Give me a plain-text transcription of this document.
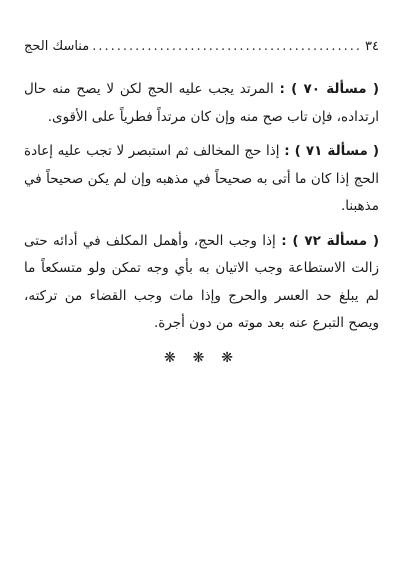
٣٤
.....
مناسك الحج

( مسألة ٧٠ ) : المرتد يجب عليه الحج لكن لا يصح منه حال ارتداده، فإن تاب صح منه وإن كان مرتداً فطرياً على الأقوى.

( مسألة ٧١ ) : إذا حج المخالف ثم استبصر لا تجب عليه إعادة الحج إذا كان ما أتى به صحيحاً في مذهبه وإن لم يكن صحيحاً في مذهبنا.

( مسألة ٧٢ ) : إذا وجب الحج، وأهمل المكلف في أدائه حتى زالت الاستطاعة وجب الاتيان به بأي وجه تمكن ولو متسكعاً ما لم يبلغ حد العسر والحرج وإذا مات وجب القضاء من تركته، ويصح التبرع عنه بعد موته من دون أجرة.

❋ ❋ ❋
